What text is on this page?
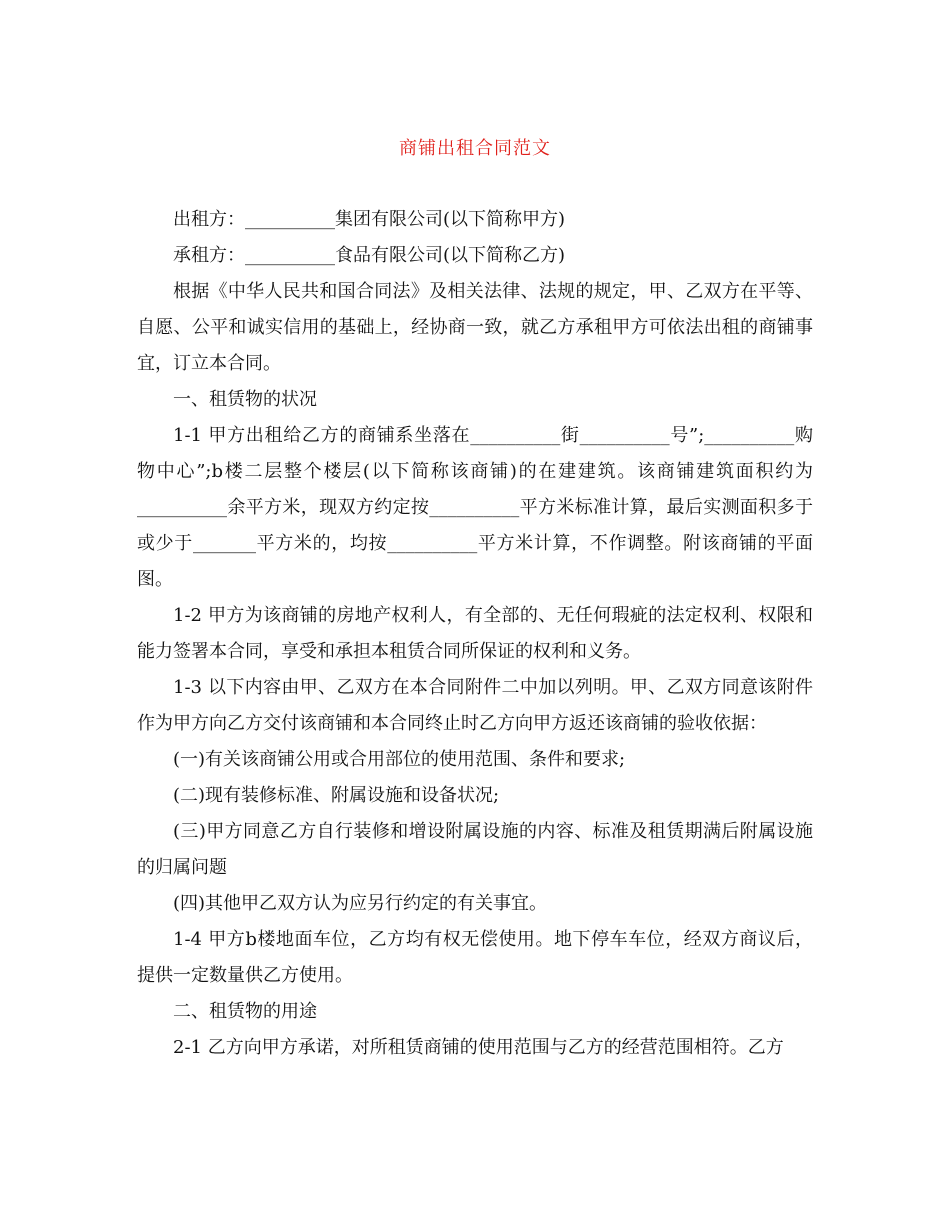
商铺出租合同范文

出租方：__________集团有限公司(以下简称甲方)

承租方：__________食品有限公司(以下简称乙方)

根据《中华人民共和国合同法》及相关法律、法规的规定，甲、乙双方在平等、自愿、公平和诚实信用的基础上，经协商一致，就乙方承租甲方可依法出租的商铺事宜，订立本合同。

一、租赁物的状况

1-1 甲方出租给乙方的商铺系坐落在__________街__________号”;__________购物中心”;b楼二层整个楼层(以下简称该商铺)的在建建筑。该商铺建筑面积约为__________余平方米，现双方约定按__________平方米标准计算，最后实测面积多于或少于_______平方米的，均按__________平方米计算，不作调整。附该商铺的平面图。

1-2 甲方为该商铺的房地产权利人，有全部的、无任何瑕疵的法定权利、权限和能力签署本合同，享受和承担本租赁合同所保证的权利和义务。

1-3 以下内容由甲、乙双方在本合同附件二中加以列明。甲、乙双方同意该附件作为甲方向乙方交付该商铺和本合同终止时乙方向甲方返还该商铺的验收依据：

(一)有关该商铺公用或合用部位的使用范围、条件和要求;

(二)现有装修标准、附属设施和设备状况;

(三)甲方同意乙方自行装修和增设附属设施的内容、标准及租赁期满后附属设施的归属问题

(四)其他甲乙双方认为应另行约定的有关事宜。

1-4 甲方b楼地面车位，乙方均有权无偿使用。地下停车车位，经双方商议后，提供一定数量供乙方使用。

二、租赁物的用途

2-1 乙方向甲方承诺，对所租赁商铺的使用范围与乙方的经营范围相符。乙方
